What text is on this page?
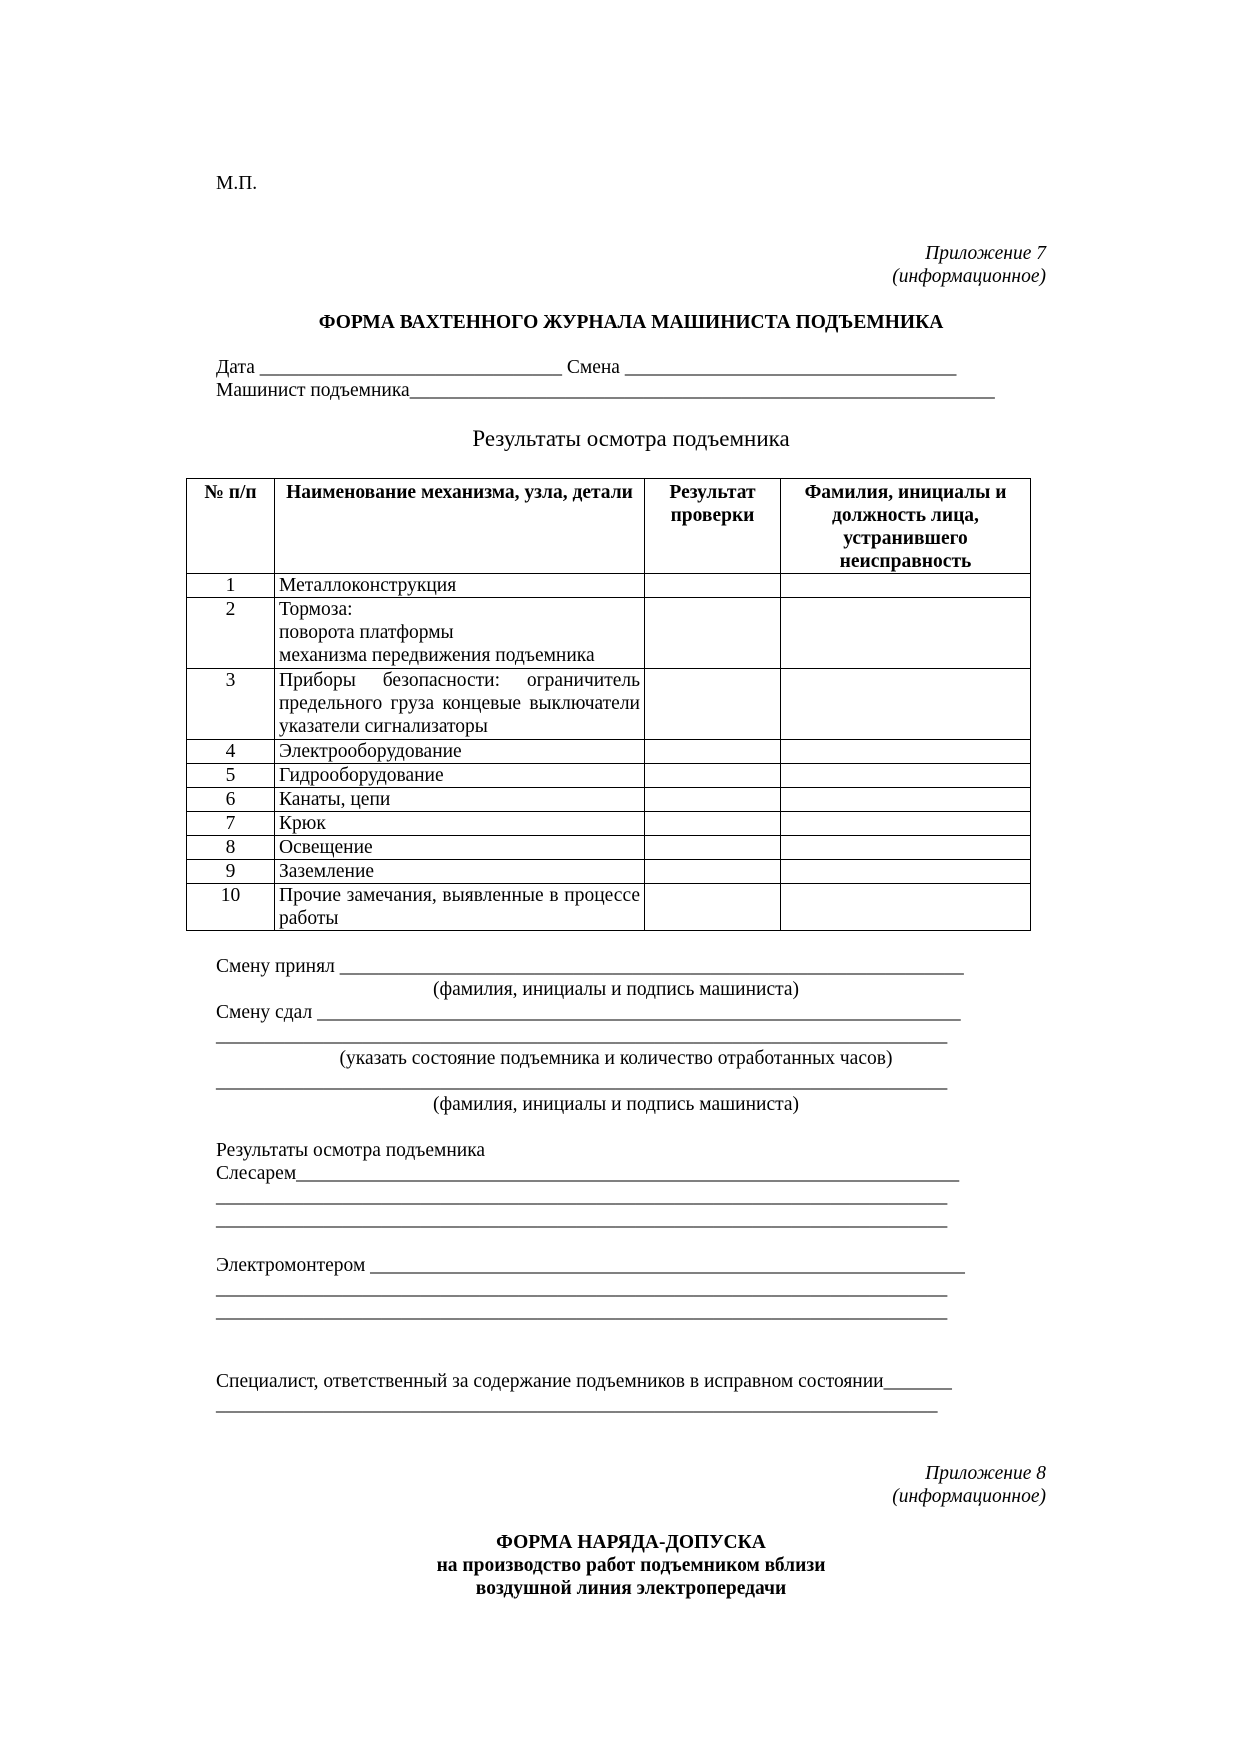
М.П.
Приложение 7
(информационное)
ФОРМА ВАХТЕННОГО ЖУРНАЛА МАШИНИСТА ПОДЪЕМНИКА
Дата _______________________________ Смена __________________________________
Машинист подъемника____________________________________________________________
Результаты осмотра подъемника
№ п/п	Наименование механизма, узла, детали	Результат проверки	Фамилия, инициалы и должность лица, устранившего неисправность
1	Металлоконструкция		
2	Тормоза:
поворота платформы
механизма передвижения подъемника		
3	Приборы безопасности: ограничитель предельного груза концевые выключатели указатели сигнализаторы		
4	Электрооборудование		
5	Гидрооборудование		
6	Канаты, цепи		
7	Крюк		
8	Освещение		
9	Заземление		
10	Прочие замечания, выявленные в процессе работы		
Смену принял ________________________________________________________________
(фамилия, инициалы и подпись машиниста)
Смену сдал __________________________________________________________________
___________________________________________________________________________
(указать состояние подъемника и количество отработанных часов)
___________________________________________________________________________
(фамилия, инициалы и подпись машиниста)
Результаты осмотра подъемника
Слесарем____________________________________________________________________
___________________________________________________________________________
___________________________________________________________________________
Электромонтером _____________________________________________________________
___________________________________________________________________________
___________________________________________________________________________
Специалист, ответственный за содержание подъемников в исправном состоянии_______
__________________________________________________________________________
Приложение 8
(информационное)
ФОРМА НАРЯДА-ДОПУСКА
на производство работ подъемником вблизи
воздушной линия электропередачи
